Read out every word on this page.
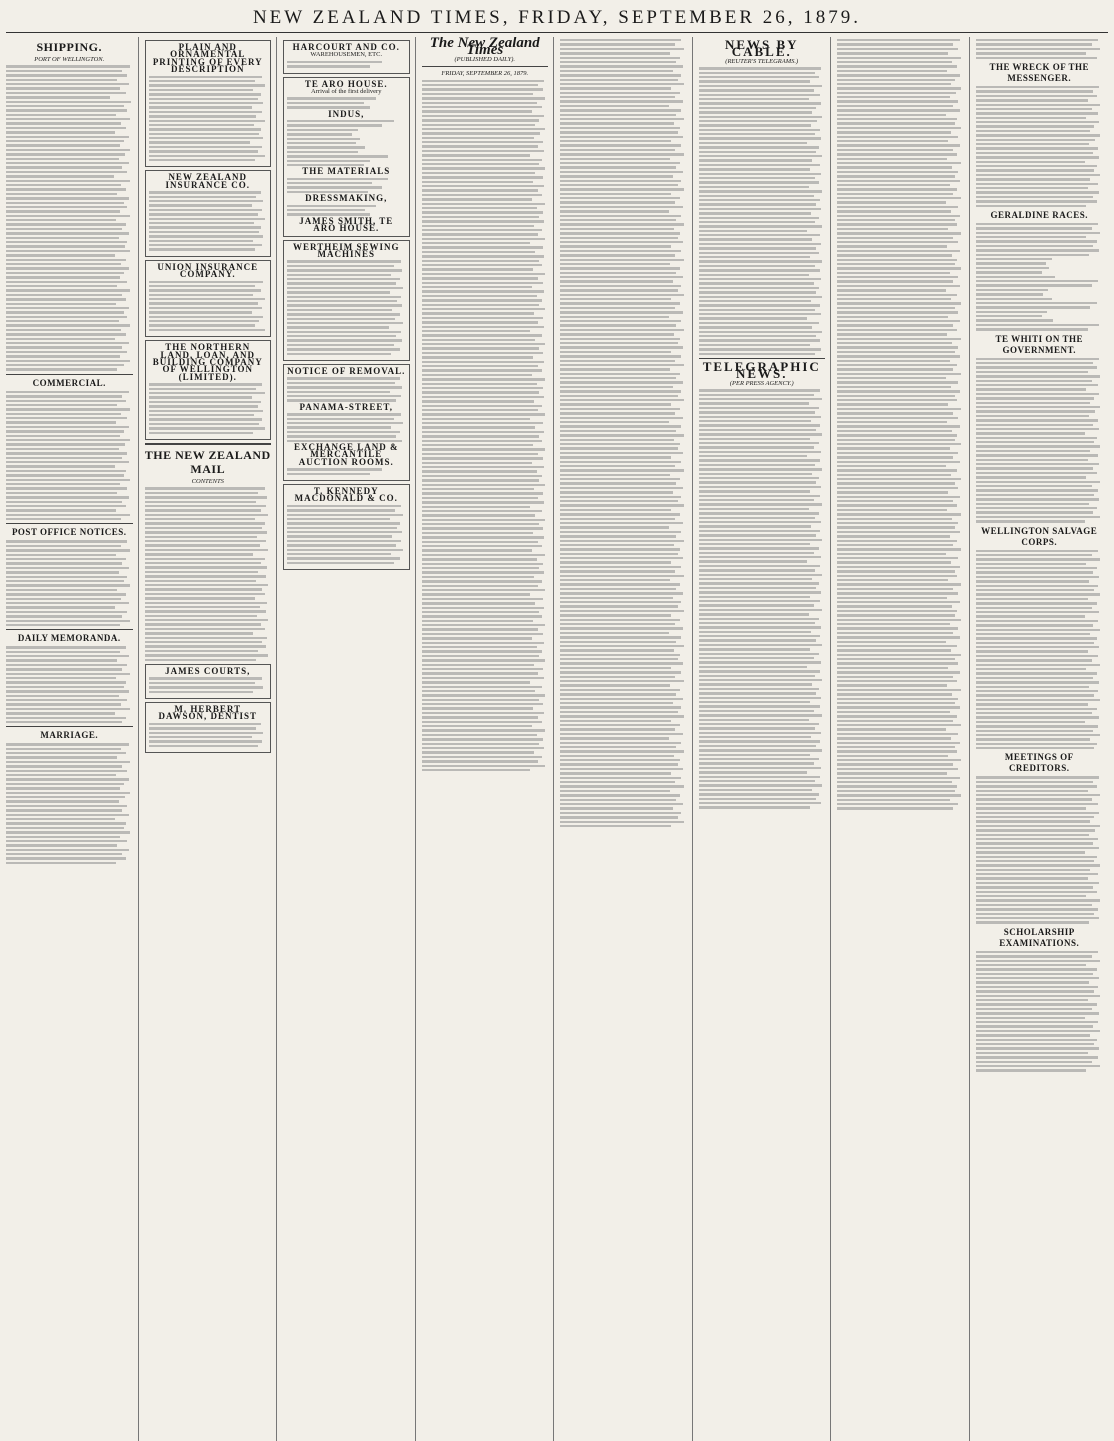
NEW ZEALAND TIMES, FRIDAY, SEPTEMBER 26, 1879.
SHIPPING.
PORT OF WELLINGTON.
COMMERCIAL.
POST OFFICE NOTICES.
DAILY MEMORANDA.
MARRIAGE.
PLAIN AND ORNAMENTAL PRINTING OF EVERY DESCRIPTION
NEW ZEALAND INSURANCE CO.
UNION INSURANCE COMPANY.
THE NORTHERN LAND, LOAN, AND BUILDING COMPANY OF WELLINGTON (LIMITED).
THE NEW ZEALAND MAIL
CONTENTS
JAMES COURTS,
M. HERBERT DAWSON, DENTIST
HARCOURT AND CO.
WAREHOUSEMEN, ETC.
TE ARO HOUSE.
Arrival of the first delivery
INDUS,
THE MATERIALS
DRESSMAKING,
JAMES SMITH, TE ARO HOUSE.
WERTHEIM SEWING MACHINES
NOTICE OF REMOVAL.
PANAMA-STREET,
EXCHANGE LAND & MERCANTILE AUCTION ROOMS.
T. KENNEDY MACDONALD & CO.
The New Zealand Times
(PUBLISHED DAILY).
FRIDAY, SEPTEMBER 26, 1879.
NEWS BY CABLE.
(REUTER'S TELEGRAMS.)
TELEGRAPHIC NEWS.
(PER PRESS AGENCY.)
THE WRECK OF THE MESSENGER.
GERALDINE RACES.
TE WHITI ON THE GOVERNMENT.
WELLINGTON SALVAGE CORPS.
MEETINGS OF CREDITORS.
SCHOLARSHIP EXAMINATIONS.
